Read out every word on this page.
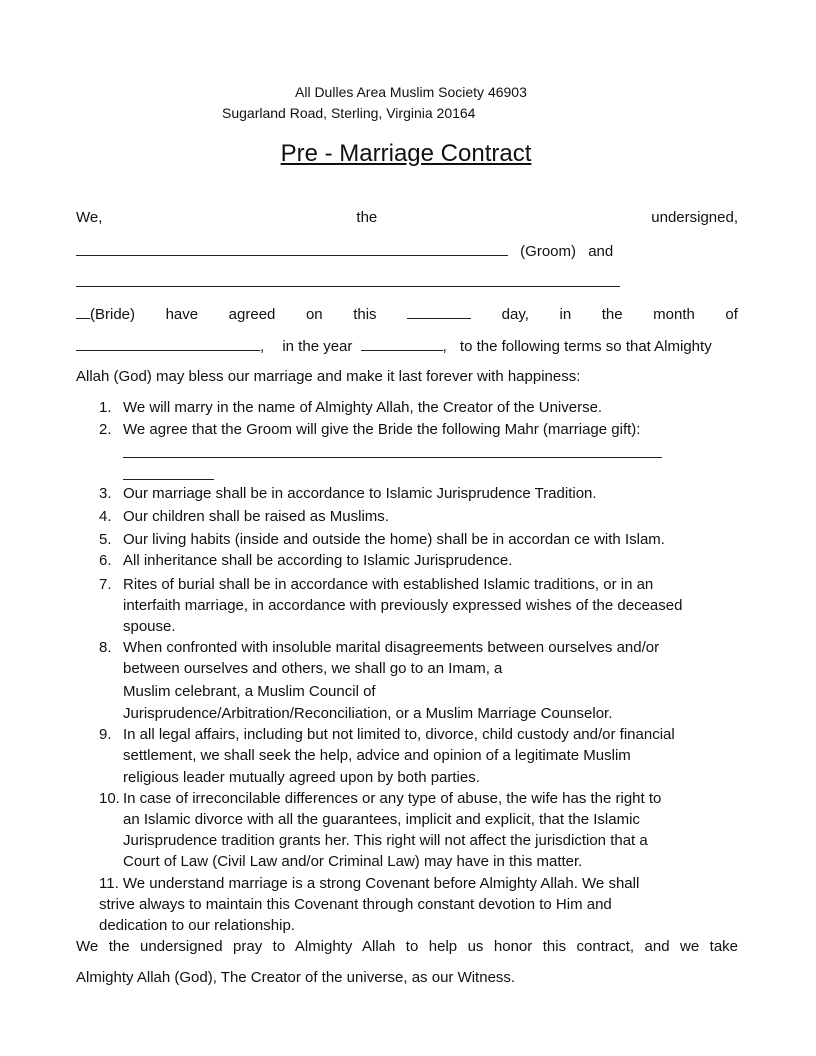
All Dulles Area Muslim Society 46903
Sugarland Road, Sterling, Virginia 20164
Pre - Marriage Contract
We,	the	undersigned,
(Groom) and
(Bride) have agreed on this	day, in the month of
, in the year	, to the following terms so that Almighty
Allah (God) may bless our marriage and make it last forever with happiness:
1. We will marry in the name of Almighty Allah, the Creator of the Universe.
2. We agree that the Groom will give the Bride the following Mahr (marriage gift):
3. Our marriage shall be in accordance to Islamic Jurisprudence Tradition.
4. Our children shall be raised as Muslims.
5. Our living habits (inside and outside the home) shall be in accordan ce with Islam.
6. All inheritance shall be according to Islamic Jurisprudence.
7. Rites of burial shall be in accordance with established Islamic traditions, or in an
interfaith marriage, in accordance with previously expressed wishes of the deceased
spouse.
8. When confronted with insoluble marital disagreements between ourselves and/or
between ourselves and others, we shall go to an Imam, a
Muslim celebrant, a Muslim Council of
Jurisprudence/Arbitration/Reconciliation, or a Muslim Marriage Counselor.
9. In all legal affairs, including but not limited to, divorce, child custody and/or financial
settlement, we shall seek the help, advice and opinion of a legitimate Muslim
religious leader mutually agreed upon by both parties.
10. In case of irreconcilable differences or any type of abuse, the wife has the right to
an Islamic divorce with all the guarantees, implicit and explicit, that the Islamic
Jurisprudence tradition grants her. This right will not affect the jurisdiction that a
Court of Law (Civil Law and/or Criminal Law) may have in this matter.
11. We understand marriage is a strong Covenant before Almighty Allah. We shall
strive always to maintain this Covenant through constant devotion to Him and
dedication to our relationship.
We the undersigned pray to Almighty Allah to help us honor this contract, and we take
Almighty Allah (God), The Creator of the universe, as our Witness.
